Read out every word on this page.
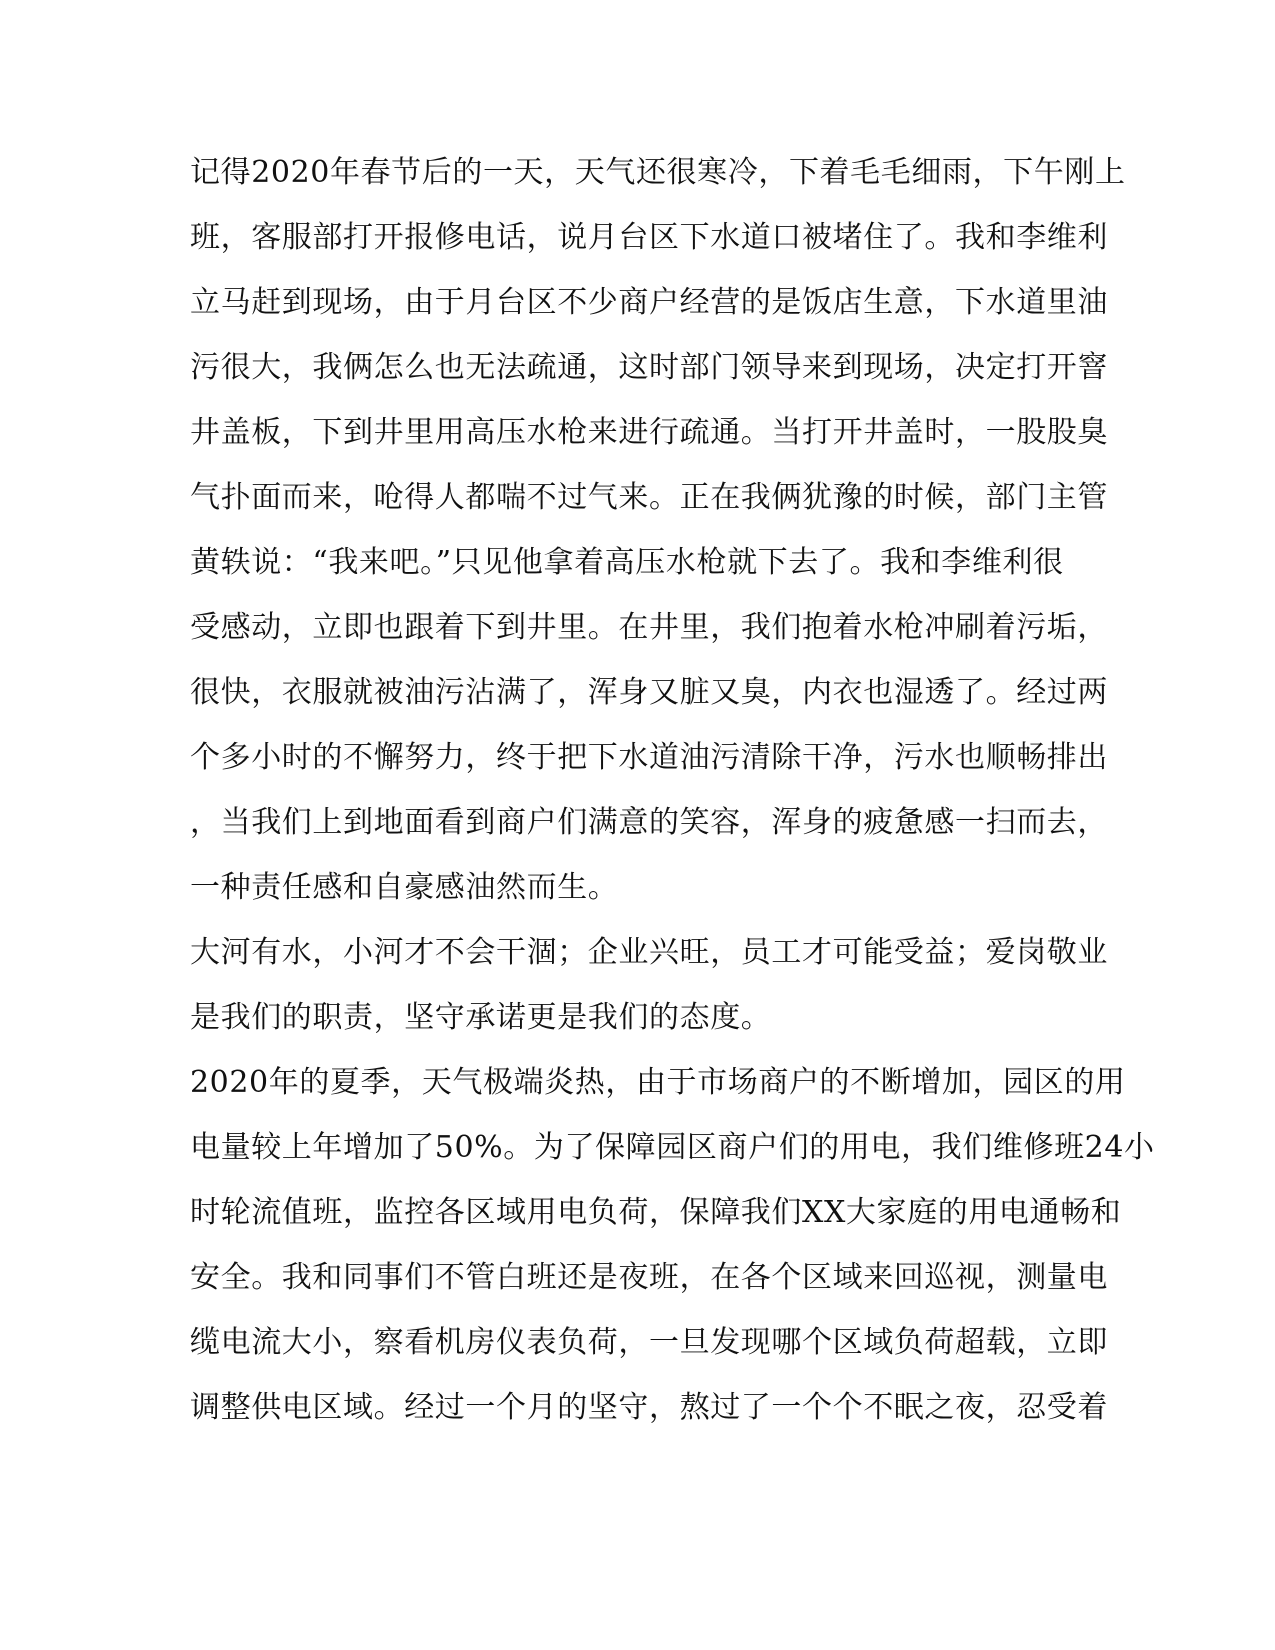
记得2020年春节后的一天，天气还很寒冷，下着毛毛细雨，下午刚上
班，客服部打开报修电话，说月台区下水道口被堵住了。我和李维利
立马赶到现场，由于月台区不少商户经营的是饭店生意，下水道里油
污很大，我俩怎么也无法疏通，这时部门领导来到现场，决定打开窨
井盖板，下到井里用高压水枪来进行疏通。当打开井盖时，一股股臭
气扑面而来，呛得人都喘不过气来。正在我俩犹豫的时候，部门主管
黄轶说：“我来吧。”只见他拿着高压水枪就下去了。我和李维利很
受感动，立即也跟着下到井里。在井里，我们抱着水枪冲刷着污垢，
很快，衣服就被油污沾满了，浑身又脏又臭，内衣也湿透了。经过两
个多小时的不懈努力，终于把下水道油污清除干净，污水也顺畅排出
，当我们上到地面看到商户们满意的笑容，浑身的疲惫感一扫而去，
一种责任感和自豪感油然而生。
大河有水，小河才不会干涸；企业兴旺，员工才可能受益；爱岗敬业
是我们的职责，坚守承诺更是我们的态度。
2020年的夏季，天气极端炎热，由于市场商户的不断增加，园区的用
电量较上年增加了50%。为了保障园区商户们的用电，我们维修班24小
时轮流值班，监控各区域用电负荷，保障我们XX大家庭的用电通畅和
安全。我和同事们不管白班还是夜班，在各个区域来回巡视，测量电
缆电流大小，察看机房仪表负荷，一旦发现哪个区域负荷超载，立即
调整供电区域。经过一个月的坚守，熬过了一个个不眠之夜，忍受着
